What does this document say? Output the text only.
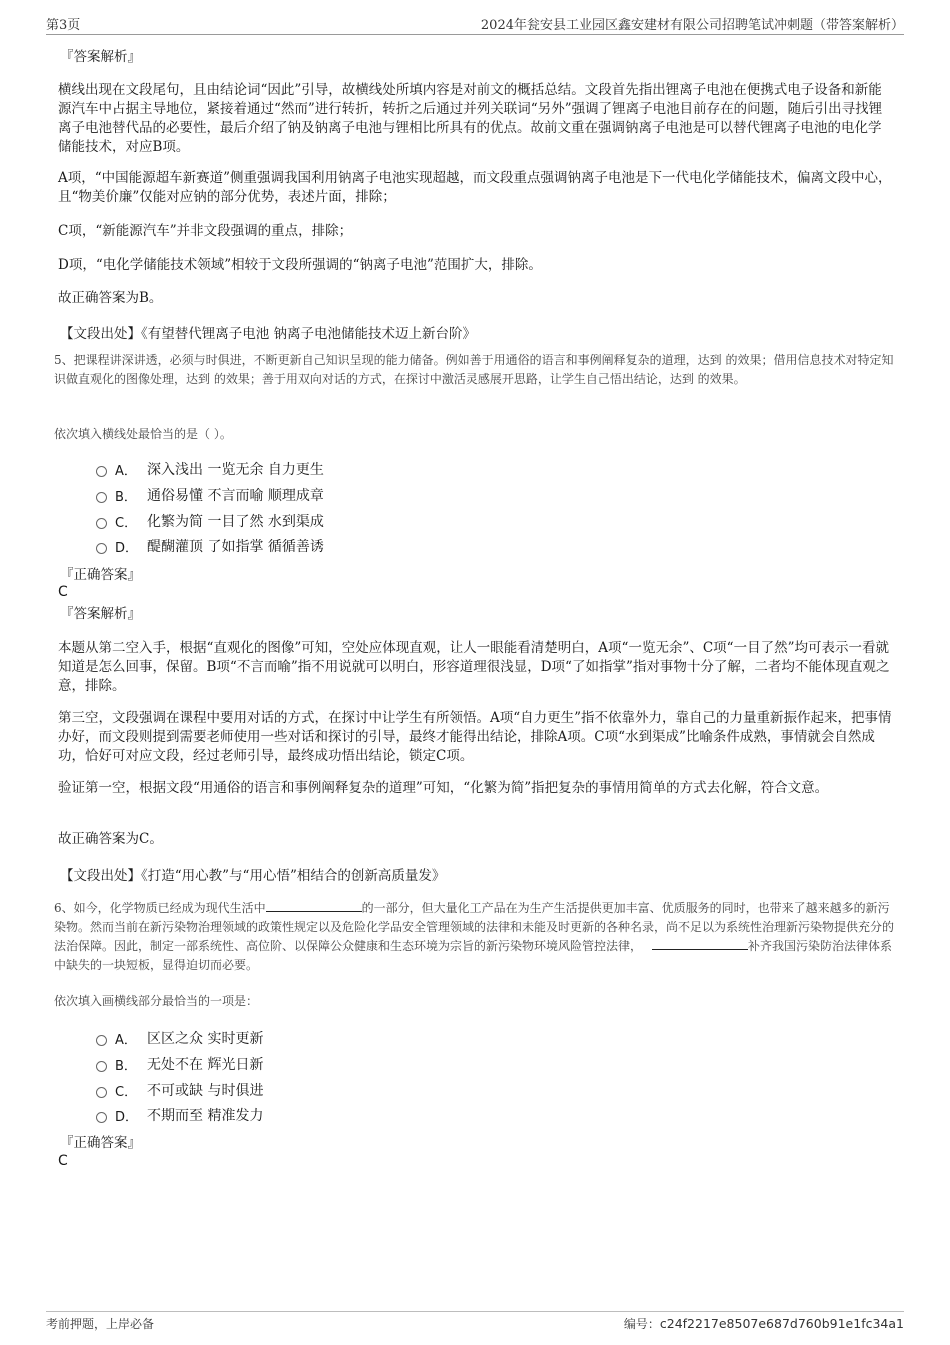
第3页	2024年瓮安县工业园区鑫安建材有限公司招聘笔试冲刺题（带答案解析）
『答案解析』
横线出现在文段尾句，且由结论词“因此”引导，故横线处所填内容是对前文的概括总结。文段首先指出锂离子电池在便携式电子设备和新能源汽车中占据主导地位，紧接着通过“然而”进行转折，转折之后通过并列关联词“另外”强调了锂离子电池目前存在的问题，随后引出寻找锂离子电池替代品的必要性，最后介绍了钠及钠离子电池与锂相比所具有的优点。故前文重在强调钠离子电池是可以替代锂离子电池的电化学储能技术，对应B项。
A项，“中国能源超车新赛道”侧重强调我国利用钠离子电池实现超越，而文段重点强调钠离子电池是下一代电化学储能技术，偏离文段中心，且“物美价廉”仅能对应钠的部分优势，表述片面，排除；
C项，“新能源汽车”并非文段强调的重点，排除；
D项，“电化学储能技术领域”相较于文段所强调的“钠离子电池”范围扩大，排除。
故正确答案为B。
【文段出处】《有望替代锂离子电池 钠离子电池储能技术迈上新台阶》
5、把课程讲深讲透，必须与时俱进，不断更新自己知识呈现的能力储备。例如善于用通俗的语言和事例阐释复杂的道理，达到 的效果；借用信息技术对特定知识做直观化的图像处理，达到 的效果；善于用双向对话的方式，在探讨中激活灵感展开思路，让学生自己悟出结论，达到 的效果。
依次填入横线处最恰当的是（ ）。
A． 深入浅出 一览无余 自力更生
B． 通俗易懂 不言而喻 顺理成章
C． 化繁为简 一目了然 水到渠成
D． 醍醐灌顶 了如指掌 循循善诱
『正确答案』
C
『答案解析』
本题从第二空入手，根据“直观化的图像”可知，空处应体现直观，让人一眼能看清楚明白，A项“一览无余”、C项“一目了然”均可表示一看就知道是怎么回事，保留。B项“不言而喻”指不用说就可以明白，形容道理很浅显，D项“了如指掌”指对事物十分了解，二者均不能体现直观之意，排除。
第三空，文段强调在课程中要用对话的方式，在探讨中让学生有所领悟。A项“自力更生”指不依靠外力，靠自己的力量重新振作起来，把事情办好，而文段则提到需要老师使用一些对话和探讨的引导，最终才能得出结论，排除A项。C项“水到渠成”比喻条件成熟，事情就会自然成功，恰好可对应文段，经过老师引导，最终成功悟出结论，锁定C项。
验证第一空，根据文段“用通俗的语言和事例阐释复杂的道理”可知，“化繁为简”指把复杂的事情用简单的方式去化解，符合文意。
故正确答案为C。
【文段出处】《打造“用心教”与“用心悟”相结合的创新高质量发》
6、如今，化学物质已经成为现代生活中	的一部分，但大量化工产品在为生产生活提供更加丰富、优质服务的同时，也带来了越来越多的新污染物。然而当前在新污染物治理领域的政策性规定以及危险化学品安全管理领域的法律和未能及时更新的各种名录，尚不足以为系统性治理新污染物提供充分的法治保障。因此，制定一部系统性、高位阶、以保障公众健康和生态环境为宗旨的新污染物环境风险管控法律，	补齐我国污染防治法律体系中缺失的一块短板，显得迫切而必要。
依次填入画横线部分最恰当的一项是：
A． 区区之众 实时更新
B． 无处不在 辉光日新
C． 不可或缺 与时俱进
D． 不期而至 精准发力
『正确答案』
C
考前押题，上岸必备	编号：c24f2217e8507e687d760b91e1fc34a1
